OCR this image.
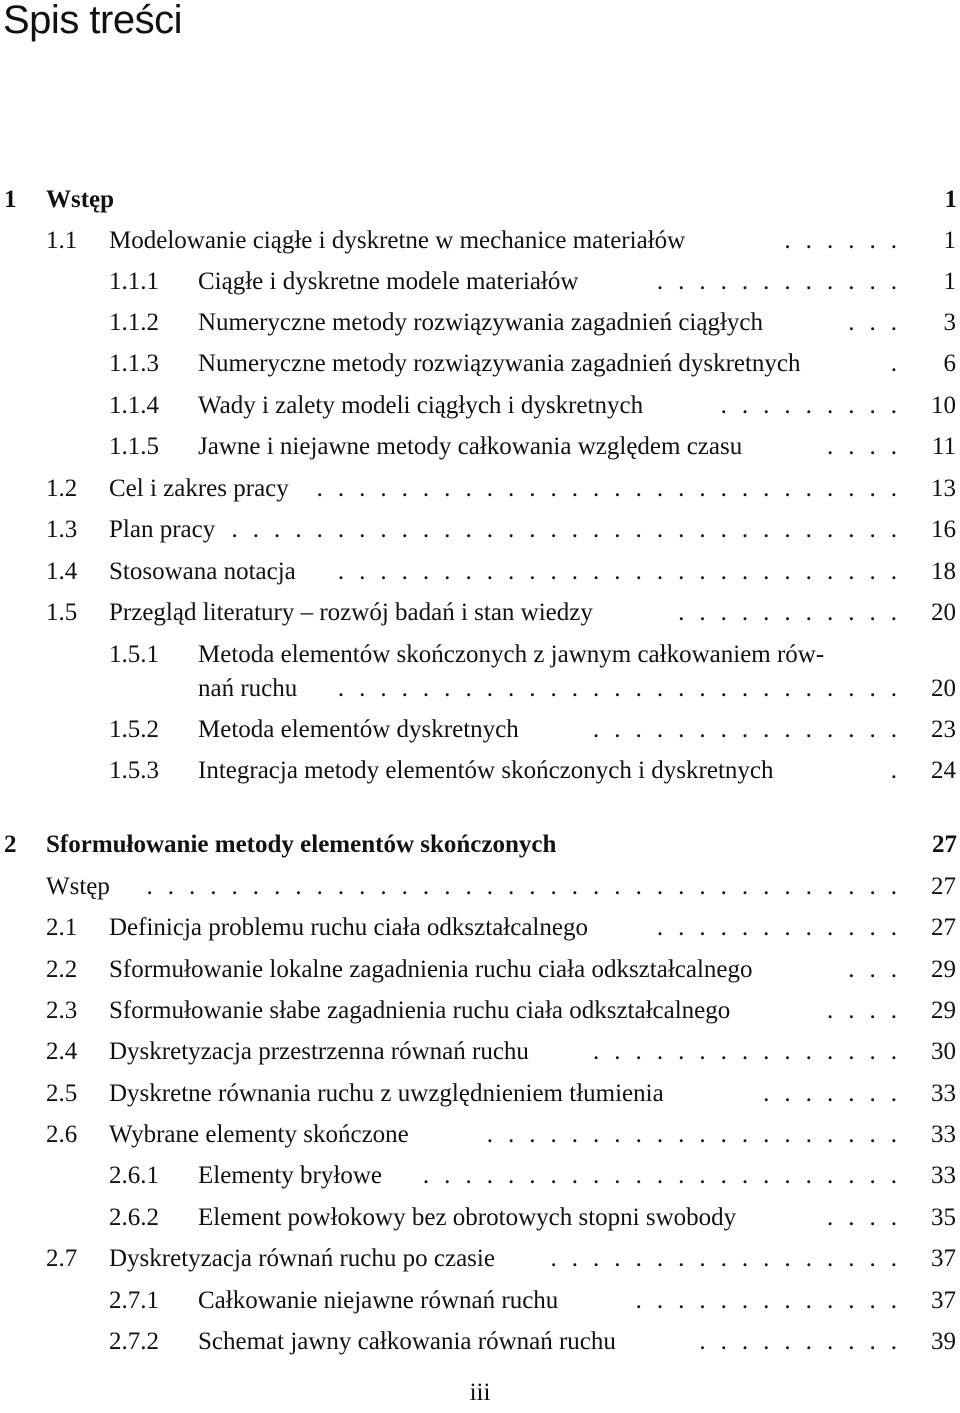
Spis treści
1 Wstęp	1
1.1 Modelowanie ciągłe i dyskretne w mechanice materiałów	.   .   .   .   .   . 1
1.1.1 Ciągłe i dyskretne modele materiałów	.   .   .   .   .   .   .   .   .   .   .   . 1
1.1.2 Numeryczne metody rozwiązywania zagadnień ciągłych	.   .   . 3
1.1.3 Numeryczne metody rozwiązywania zagadnień dyskretnych	. 6
1.1.4 Wady i zalety modeli ciągłych i dyskretnych	.   .   .   .   .   .   .   .   . 10
1.1.5 Jawne i niejawne metody całkowania względem czasu	.   .   .   . 11
1.2 Cel i zakres pracy .   .   .   .   .   .   .   .   .   .   .   .   .   .   .   .   .   .   .   .   .   .   .   .   .   .   .   . 13
1.3 Plan pracy .   .   .   .   .   .   .   .   .   .   .   .   .   .   .   .   .   .   .   .   .   .   .   .   .   .   .   .   .   .   .   . 16
1.4 Stosowana notacja	.   .   .   .   .   .   .   .   .   .   .   .   .   .   .   .   .   .   .   .   .   .   .   .   .   .   . 18
1.5 Przegląd literatury – rozwój badań i stan wiedzy	.   .   .   .   .   .   .   .   .   .   . 20
1.5.1 Metoda elementów skończonych z jawnym całkowaniem rów-
nań ruchu	.   .   .   .   .   .   .   .   .   .   .   .   .   .   .   .   .   .   .   .   .   .   .   .   .   .   . 20
1.5.2 Metoda elementów dyskretnych	.   .   .   .   .   .   .   .   .   .   .   .   .   .   . 23
1.5.3 Integracja metody elementów skończonych i dyskretnych	. 24
2 Sformułowanie metody elementów skończonych	27
Wstęp	.   .   .   .   .   .   .   .   .   .   .   .   .   .   .   .   .   .   .   .   .   .   .   .   .   .   .   .   .   .   .   .   .   .   .   . 27
2.1 Definicja problemu ruchu ciała odkształcalnego	.   .   .   .   .   .   .   .   .   .   .   . 27
2.2 Sformułowanie lokalne zagadnienia ruchu ciała odkształcalnego	.   .   . 29
2.3 Sformułowanie słabe zagadnienia ruchu ciała odkształcalnego	.   .   .   . 29
2.4 Dyskretyzacja przestrzenna równań ruchu	.   .   .   .   .   .   .   .   .   .   .   .   .   .   . 30
2.5 Dyskretne równania ruchu z uwzględnieniem tłumienia	.   .   .   .   .   .   . 33
2.6 Wybrane elementy skończone	.   .   .   .   .   .   .   .   .   .   .   .   .   .   .   .   .   .   .   . 33
2.6.1 Elementy bryłowe	.   .   .   .   .   .   .   .   .   .   .   .   .   .   .   .   .   .   .   .   .   .   . 33
2.6.2 Element powłokowy bez obrotowych stopni swobody	.   .   .   . 35
2.7 Dyskretyzacja równań ruchu po czasie .   .   .   .   .   .   .   .   .   .   .   .   .   .   .   .   . 37
2.7.1 Całkowanie niejawne równań ruchu	.   .   .   .   .   .   .   .   .   .   .   .   . 37
2.7.2 Schemat jawny całkowania równań ruchu	.   .   .   .   .   .   .   .   .   . 39
iii
